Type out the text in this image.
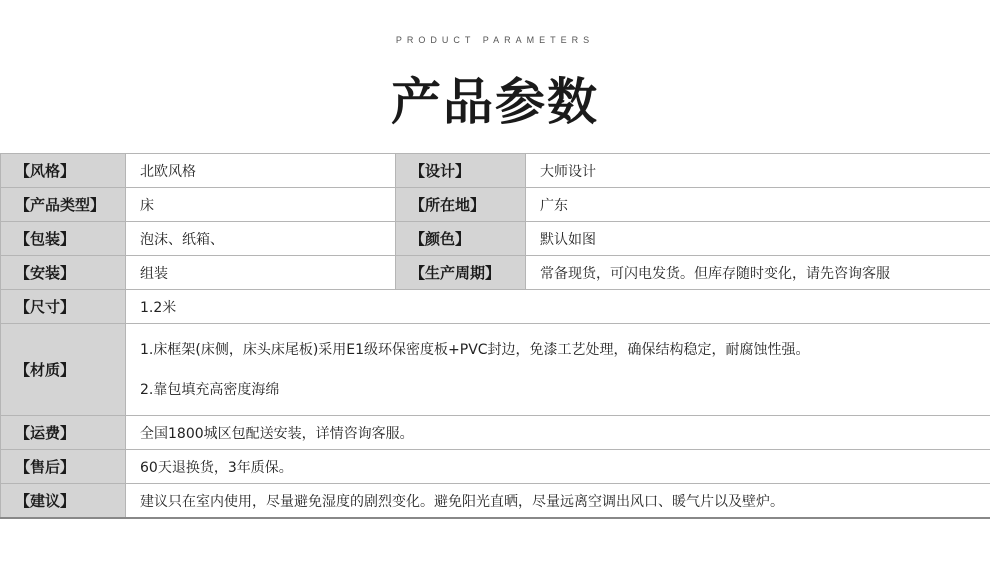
PRODUCT PARAMETERS
产品参数
【风格】	北欧风格	【设计】	大师设计
【产品类型】	床	【所在地】	广东
【包装】	泡沫、纸箱、	【颜色】	默认如图
【安装】	组装	【生产周期】	常备现货，可闪电发货。但库存随时变化，请先咨询客服
【尺寸】	1.2米		
【材质】	1.床框架(床侧，床头床尾板)采用E1级环保密度板+PVC封边，免漆工艺处理，确保结构稳定，耐腐蚀性强。
2.靠包填充高密度海绵		

【运费】	全国1800城区包配送安装，详情咨询客服。		
【售后】	60天退换货，3年质保。		
【建议】	建议只在室内使用，尽量避免湿度的剧烈变化。避免阳光直晒，尽量远离空调出风口、暖气片以及壁炉。		
